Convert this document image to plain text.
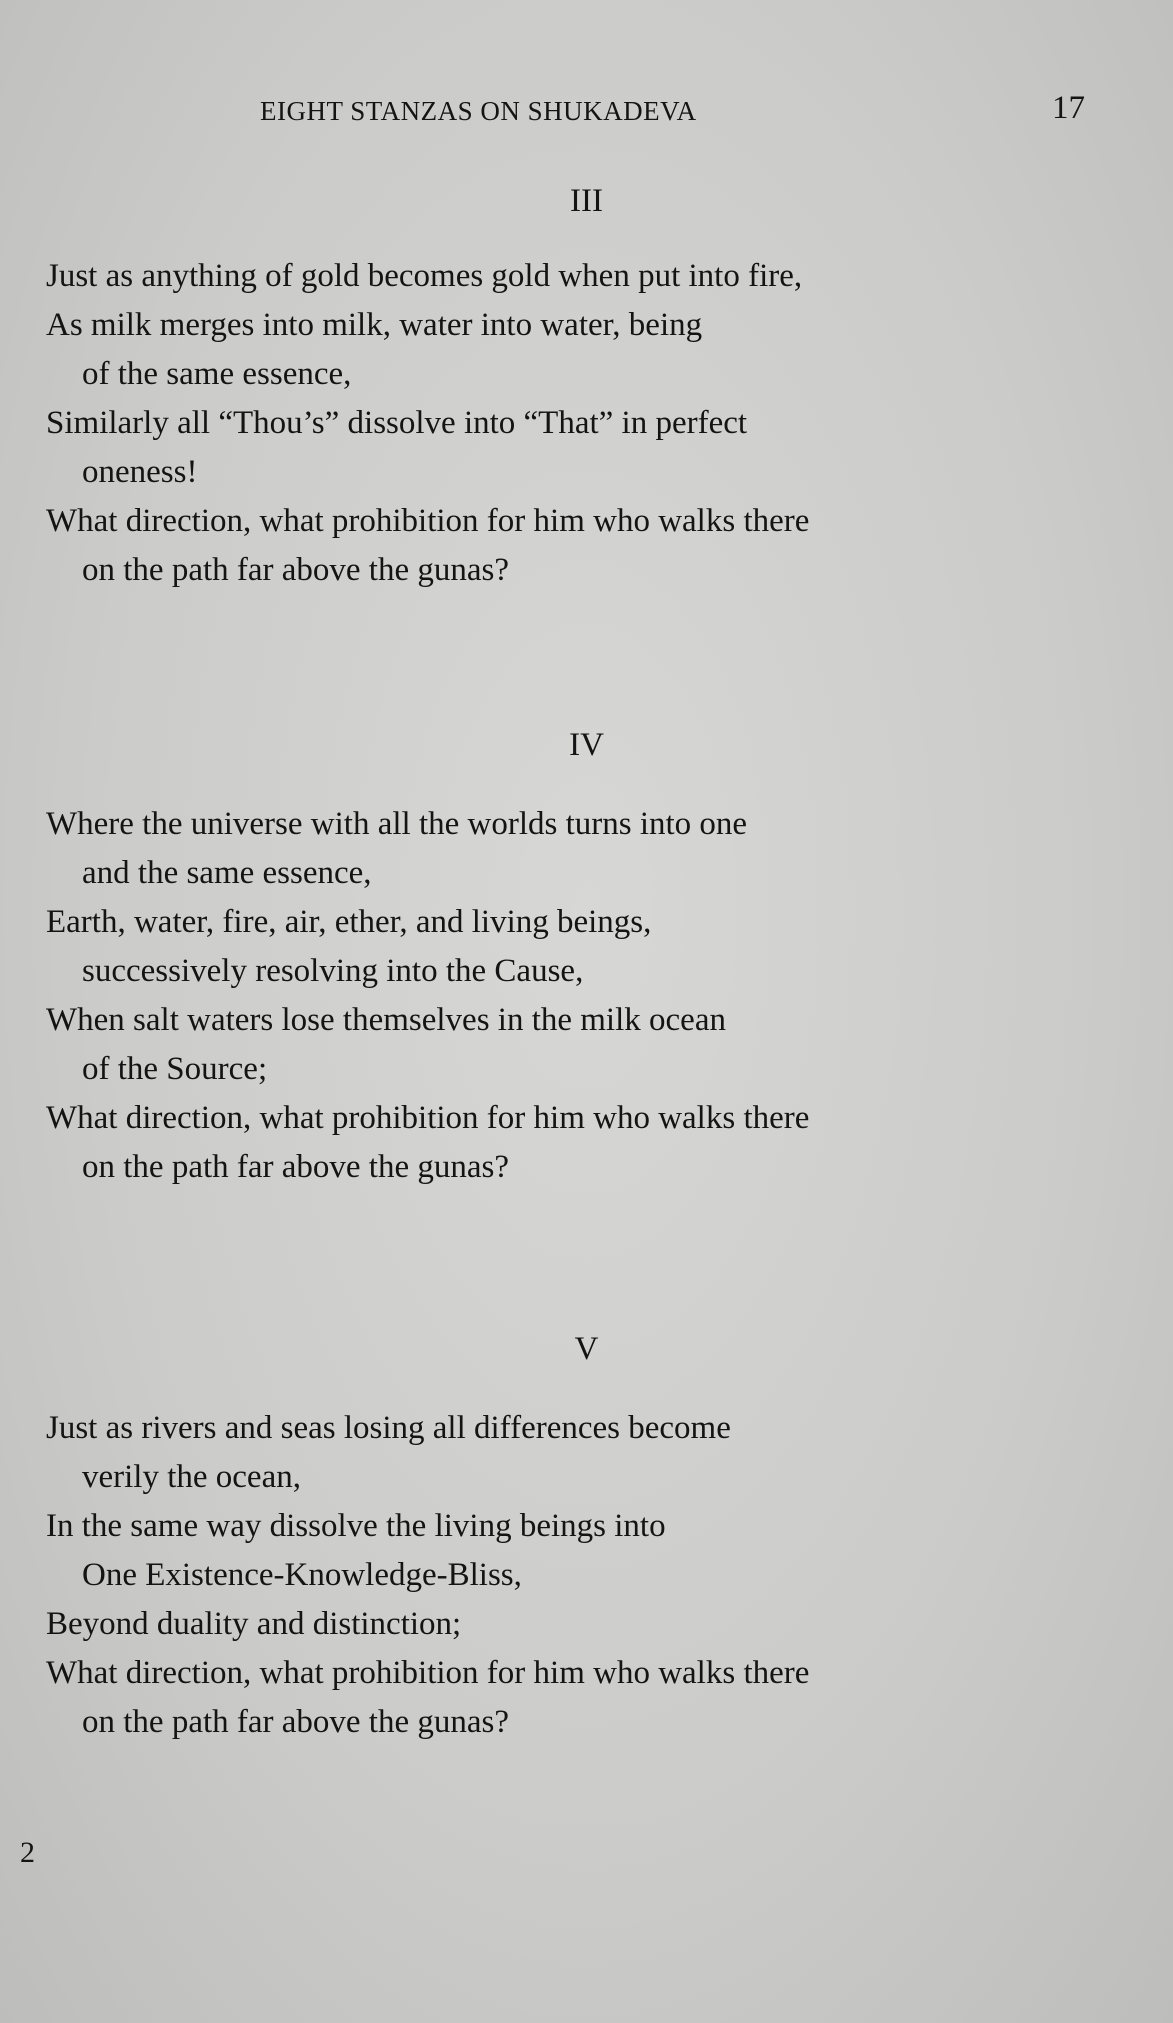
EIGHT STANZAS ON SHUKADEVA	17
III
Just as anything of gold becomes gold when put into fire,
As milk merges into milk, water into water, being
of the same essence,
Similarly all “Thou’s” dissolve into “That” in perfect
oneness!
What direction, what prohibition for him who walks there
on the path far above the gunas?
IV
Where the universe with all the worlds turns into one
and the same essence,
Earth, water, fire, air, ether, and living beings,
successively resolving into the Cause,
When salt waters lose themselves in the milk ocean
of the Source;
What direction, what prohibition for him who walks there
on the path far above the gunas?
V
Just as rivers and seas losing all differences become
verily the ocean,
In the same way dissolve the living beings into
One Existence-Knowledge-Bliss,
Beyond duality and distinction;
What direction, what prohibition for him who walks there
on the path far above the gunas?
2
